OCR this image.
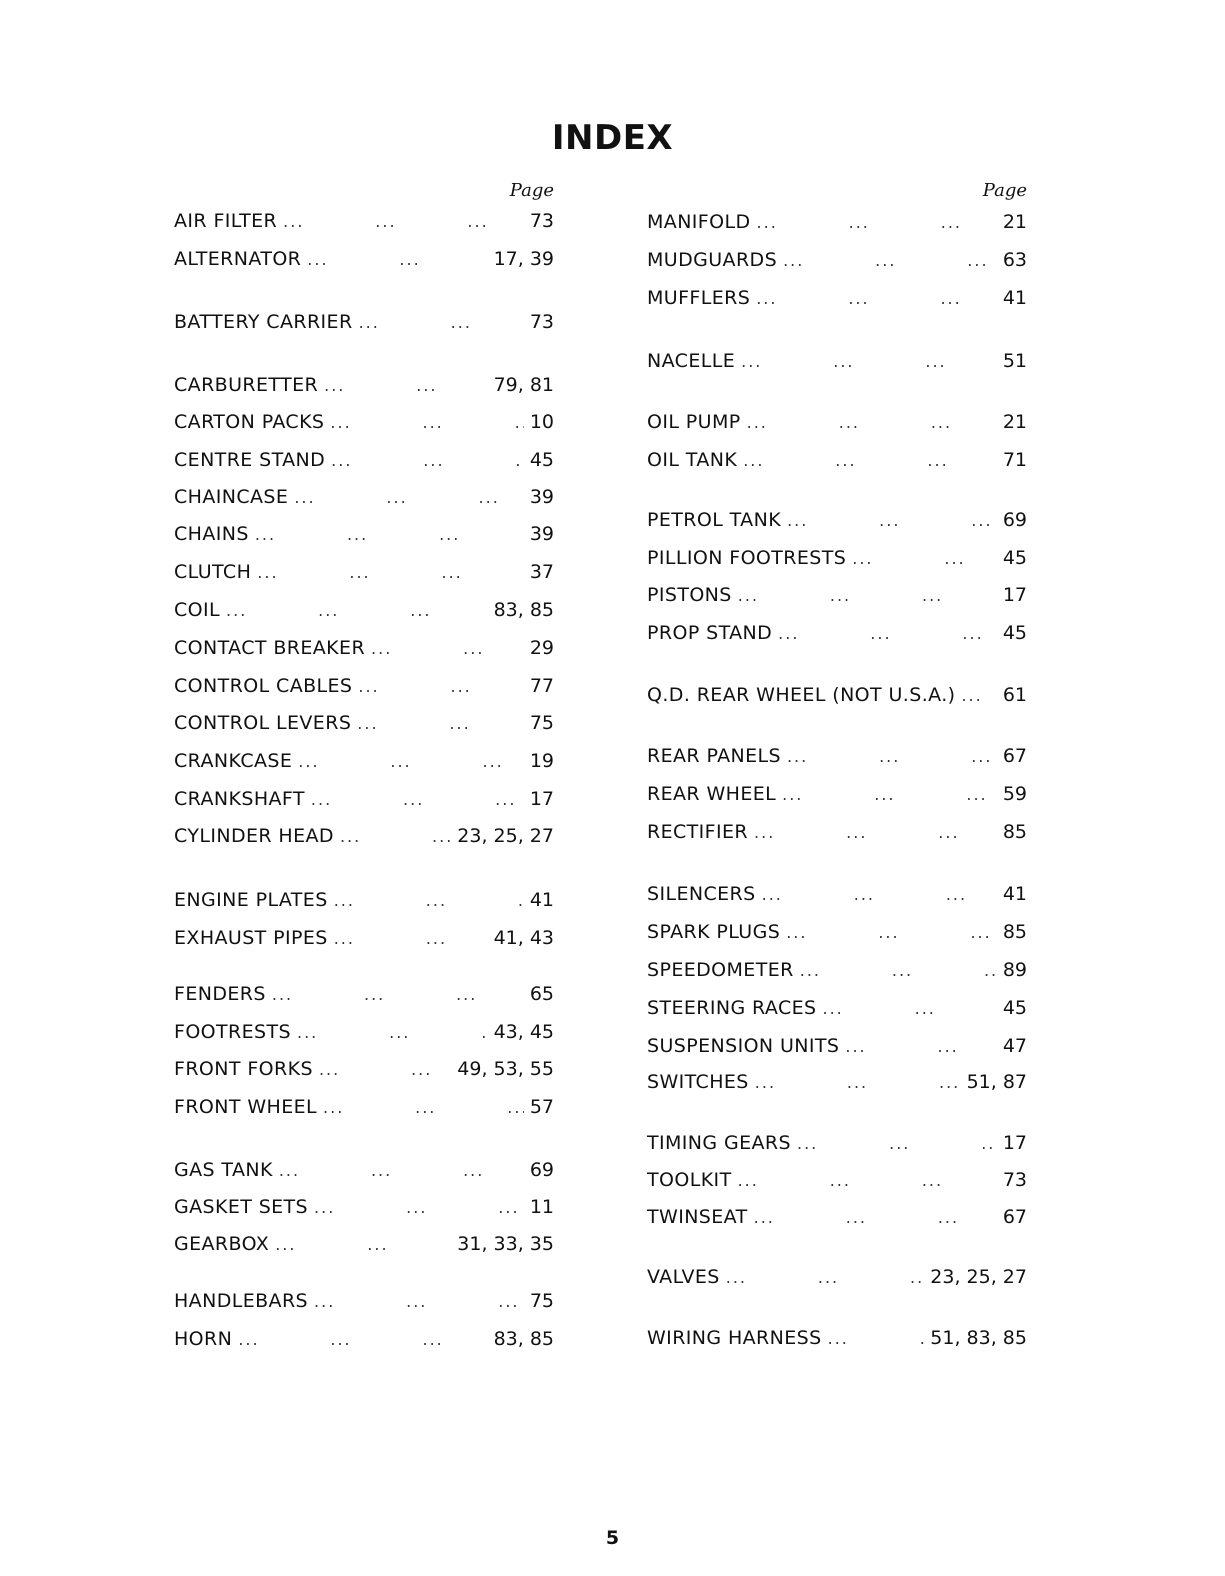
INDEX
Page
AIR FILTER ...	73
ALTERNATOR ...	17, 39
BATTERY CARRIER ...	73
CARBURETTER ...	79, 81
CARTON PACKS ...	10
CENTRE STAND ...	45
CHAINCASE ...	39
CHAINS ...	39
CLUTCH ...	37
COIL ...	83, 85
CONTACT BREAKER ...	29
CONTROL CABLES ...	77
CONTROL LEVERS ...	75
CRANKCASE ...	19
CRANKSHAFT ...	17
CYLINDER HEAD ...	23, 25, 27
ENGINE PLATES ...	41
EXHAUST PIPES ...	41, 43
FENDERS ...	65
FOOTRESTS ...	43, 45
FRONT FORKS ...	49, 53, 55
FRONT WHEEL ...	57
GAS TANK ...	69
GASKET SETS ...	11
GEARBOX ...	31, 33, 35
HANDLEBARS ...	75
HORN ...	83, 85
Page
MANIFOLD ...	21
MUDGUARDS ...	63
MUFFLERS ...	41
NACELLE ...	51
OIL PUMP ...	21
OIL TANK ...	71
PETROL TANK ...	69
PILLION FOOTRESTS ...	45
PISTONS ...	17
PROP STAND ...	45
Q.D. REAR WHEEL (NOT U.S.A.) ... 61
REAR PANELS ...	67
REAR WHEEL ...	59
RECTIFIER ...	85
SILENCERS ...	41
SPARK PLUGS ...	85
SPEEDOMETER ...	89
STEERING RACES ...	45
SUSPENSION UNITS ...	47
SWITCHES ...	51, 87
TIMING GEARS ...	17
TOOLKIT ...	73
TWINSEAT ...	67
VALVES ...	23, 25, 27
WIRING HARNESS ...	51, 83, 85
5
